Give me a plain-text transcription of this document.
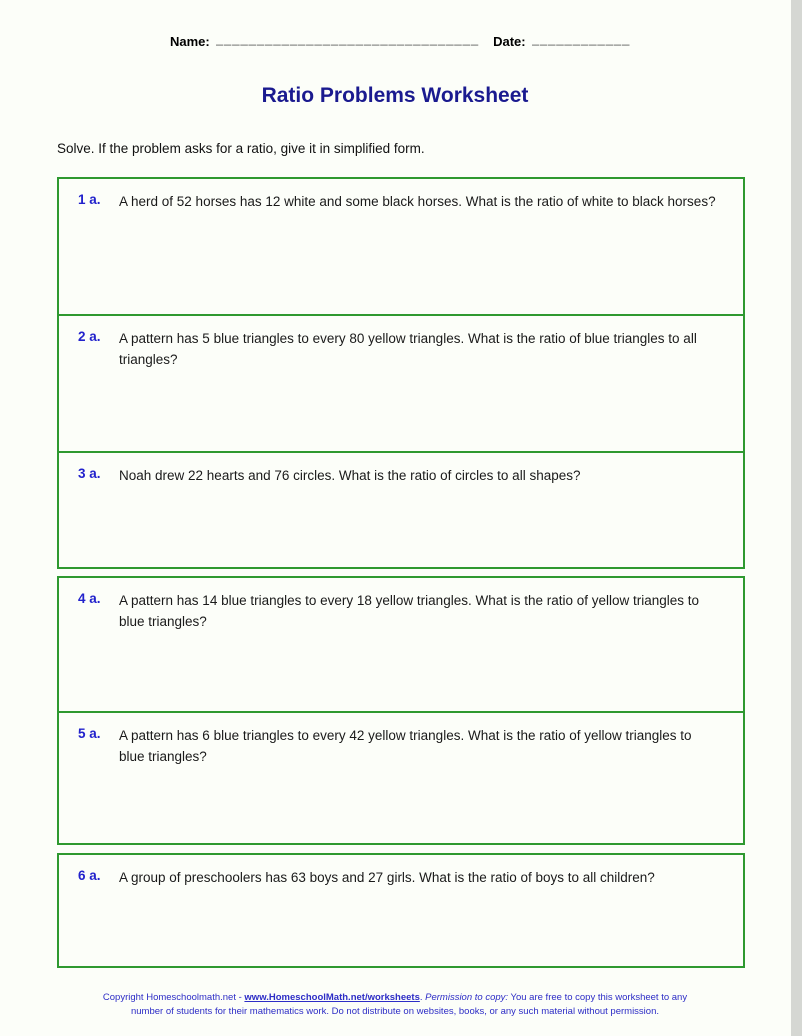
Name: ________________________________ Date: ____________
Ratio Problems Worksheet
Solve. If the problem asks for a ratio, give it in simplified form.
1 a.	A herd of 52 horses has 12 white and some black horses. What is the ratio of white to black horses?
2 a.	A pattern has 5 blue triangles to every 80 yellow triangles. What is the ratio of blue triangles to all triangles?
3 a.	Noah drew 22 hearts and 76 circles. What is the ratio of circles to all shapes?
4 a.	A pattern has 14 blue triangles to every 18 yellow triangles. What is the ratio of yellow triangles to blue triangles?
5 a.	A pattern has 6 blue triangles to every 42 yellow triangles. What is the ratio of yellow triangles to blue triangles?
6 a.	A group of preschoolers has 63 boys and 27 girls. What is the ratio of boys to all children?
Copyright Homeschoolmath.net - www.HomeschoolMath.net/worksheets. Permission to copy: You are free to copy this worksheet to any number of students for their mathematics work. Do not distribute on websites, books, or any such material without permission.
